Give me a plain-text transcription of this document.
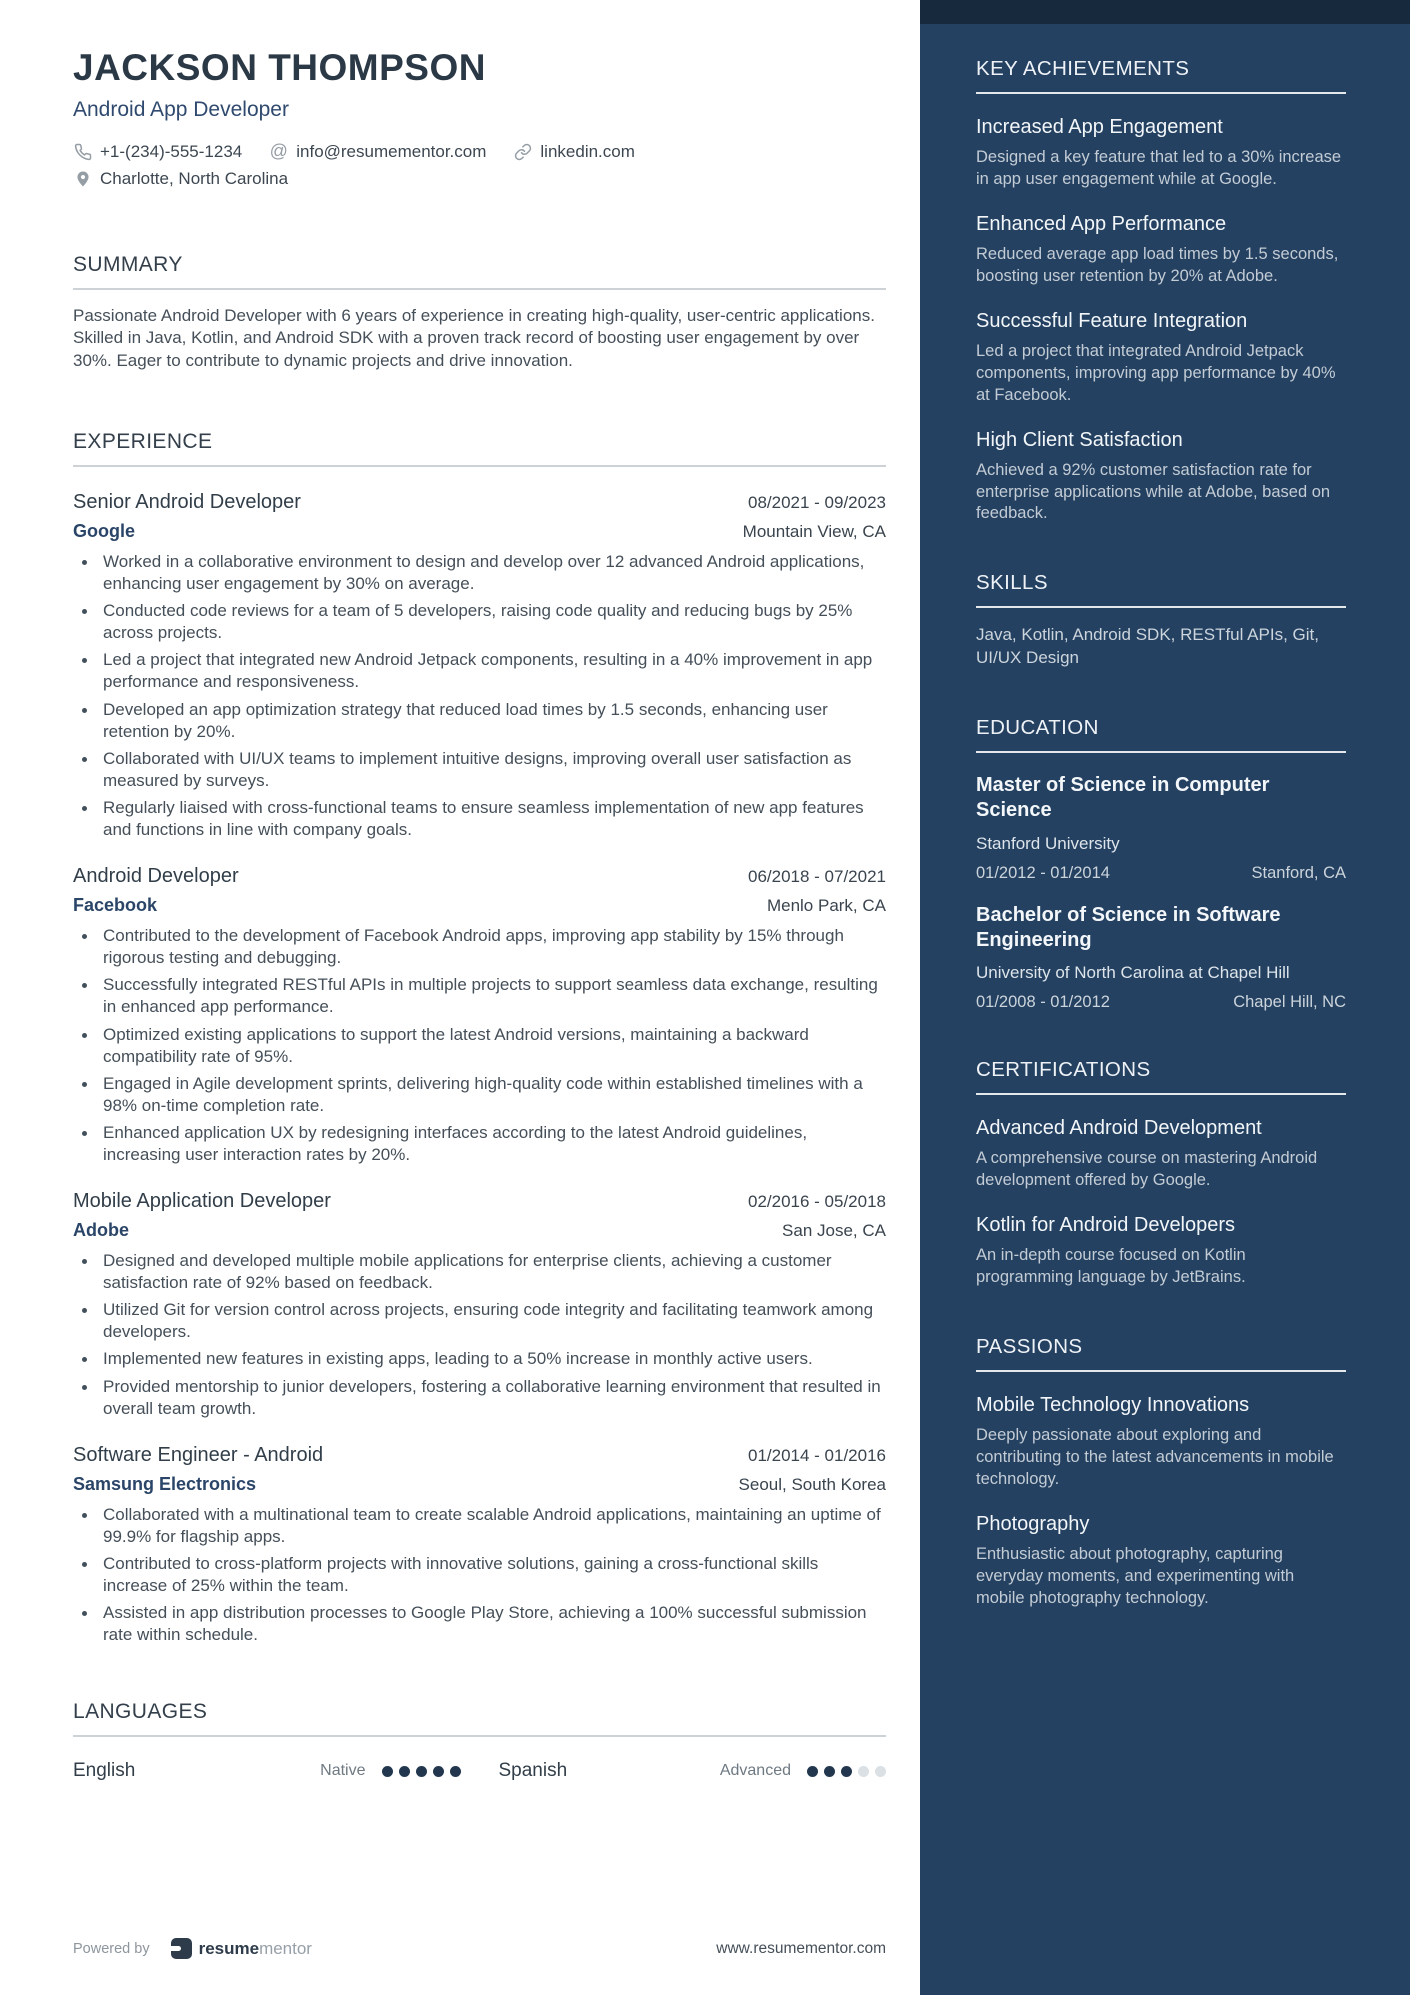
JACKSON THOMPSON
Android App Developer
+1-(234)-555-1234 @ info@resumementor.com	linkedin.com
Charlotte, North Carolina
SUMMARY
Passionate Android Developer with 6 years of experience in creating high-quality, user-centric applications. Skilled in Java, Kotlin, and Android SDK with a proven track record of boosting user engagement by over 30%. Eager to contribute to dynamic projects and drive innovation.
EXPERIENCE
Senior Android Developer	08/2021 - 09/2023
Google	Mountain View, CA
Worked in a collaborative environment to design and develop over 12 advanced Android applications, enhancing user engagement by 30% on average.
Conducted code reviews for a team of 5 developers, raising code quality and reducing bugs by 25% across projects.
Led a project that integrated new Android Jetpack components, resulting in a 40% improvement in app performance and responsiveness.
Developed an app optimization strategy that reduced load times by 1.5 seconds, enhancing user retention by 20%.
Collaborated with UI/UX teams to implement intuitive designs, improving overall user satisfaction as measured by surveys.
Regularly liaised with cross-functional teams to ensure seamless implementation of new app features and functions in line with company goals.
Android Developer	06/2018 - 07/2021
Facebook	Menlo Park, CA
Contributed to the development of Facebook Android apps, improving app stability by 15% through rigorous testing and debugging.
Successfully integrated RESTful APIs in multiple projects to support seamless data exchange, resulting in enhanced app performance.
Optimized existing applications to support the latest Android versions, maintaining a backward compatibility rate of 95%.
Engaged in Agile development sprints, delivering high-quality code within established timelines with a 98% on-time completion rate.
Enhanced application UX by redesigning interfaces according to the latest Android guidelines, increasing user interaction rates by 20%.
Mobile Application Developer	02/2016 - 05/2018
Adobe	San Jose, CA
Designed and developed multiple mobile applications for enterprise clients, achieving a customer satisfaction rate of 92% based on feedback.
Utilized Git for version control across projects, ensuring code integrity and facilitating teamwork among developers.
Implemented new features in existing apps, leading to a 50% increase in monthly active users.
Provided mentorship to junior developers, fostering a collaborative learning environment that resulted in overall team growth.
Software Engineer - Android	01/2014 - 01/2016
Samsung Electronics	Seoul, South Korea
Collaborated with a multinational team to create scalable Android applications, maintaining an uptime of 99.9% for flagship apps.
Contributed to cross-platform projects with innovative solutions, gaining a cross-functional skills increase of 25% within the team.
Assisted in app distribution processes to Google Play Store, achieving a 100% successful submission rate within schedule.
LANGUAGES
English	Native	Spanish	Advanced
Powered by	resumementor	www.resumementor.com
KEY ACHIEVEMENTS
Increased App Engagement
Designed a key feature that led to a 30% increase in app user engagement while at Google.
Enhanced App Performance
Reduced average app load times by 1.5 seconds, boosting user retention by 20% at Adobe.
Successful Feature Integration
Led a project that integrated Android Jetpack components, improving app performance by 40% at Facebook.
High Client Satisfaction
Achieved a 92% customer satisfaction rate for enterprise applications while at Adobe, based on feedback.
SKILLS
Java, Kotlin, Android SDK, RESTful APIs, Git, UI/UX Design
EDUCATION
Master of Science in Computer Science
Stanford University
01/2012 - 01/2014	Stanford, CA
Bachelor of Science in Software Engineering
University of North Carolina at Chapel Hill
01/2008 - 01/2012	Chapel Hill, NC
CERTIFICATIONS
Advanced Android Development
A comprehensive course on mastering Android development offered by Google.
Kotlin for Android Developers
An in-depth course focused on Kotlin programming language by JetBrains.
PASSIONS
Mobile Technology Innovations
Deeply passionate about exploring and contributing to the latest advancements in mobile technology.
Photography
Enthusiastic about photography, capturing everyday moments, and experimenting with mobile photography technology.
